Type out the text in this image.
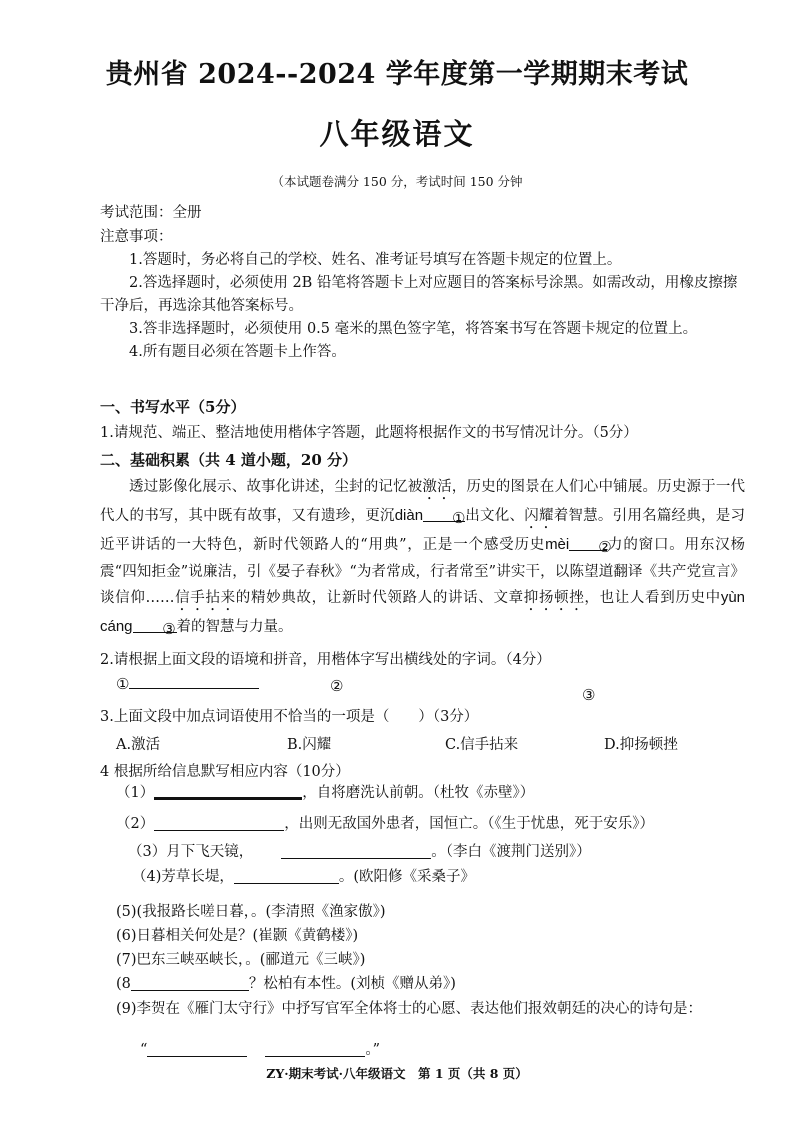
贵州省 2024--2024 学年度第一学期期末考试
八年级语文
（本试题卷满分 150 分，考试时间 150 分钟
考试范围：全册
注意事项：
1.答题时，务必将自己的学校、姓名、准考证号填写在答题卡规定的位置上。
2.答选择题时，必须使用 2B 铅笔将答题卡上对应题目的答案标号涂黑。如需改动，用橡皮擦擦
干净后，再选涂其他答案标号。
3.答非选择题时，必须使用 0.5 毫米的黑色签字笔，将答案书写在答题卡规定的位置上。
4.所有题目必须在答题卡上作答。
一、书写水平（5分）
1.请规范、端正、整洁地使用楷体字答题，此题将根据作文的书写情况计分。（5分）
二、基础积累（共 4 道小题，20 分）
透过影像化展示、故事化讲述，尘封的记忆被激活，历史的图景在人们心中铺展。历史源于一代代人的书写，其中既有故事，又有遗珍，更沉diàn ①出文化、闪耀着智慧。引用名篇经典，是习近平讲话的一大特色，新时代领路人的“用典”，正是一个感受历史mèi ②力的窗口。用东汉杨震“四知拒金”说廉洁，引《晏子春秋》“为者常成，行者常至”讲实干，以陈望道翻译《共产党宣言》谈信仰……信手拈来的精妙典故，让新时代领路人的讲话、文章抑扬顿挫，也让人看到历史中yùn cáng ③着的智慧与力量。
2.请根据上面文段的语境和拼音，用楷体字写出横线处的字词。（4分）
①	②	③
3.上面文段中加点词语使用不恰当的一项是（　　）（3分）
A.激活	B.闪耀	C.信手拈来	D.抑扬顿挫
4 根据所给信息默写相应内容（10分）
（1）	，自将磨洗认前朝。（杜牧《赤壁》）
（2）	，出则无敌国外患者，国恒亡。（《生于忧患，死于安乐》）
（3）月下飞天镜，	。（李白《渡荆门送别》）
（4)芳草长堤，	。(欧阳修《采桑子》
(5)(我报路长嗟日暮，。(李清照《渔家傲》)
(6)日暮相关何处是？(崔颢《黄鹤楼》)
(7)巴东三峡巫峡长，。(郦道元《三峡》)
(8	？松柏有本性。(刘桢《赠从弟》)
(9)李贺在《雁门太守行》中抒写官军全体将士的心愿、表达他们报效朝廷的决心的诗句是：
“	。”
ZY·期末考试·八年级语文　第 1 页（共 8 页）
